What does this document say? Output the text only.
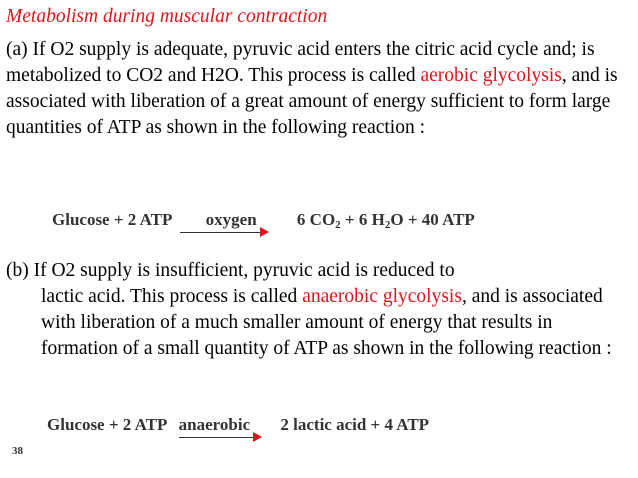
Metabolism during muscular contraction

(a) If O2 supply is adequate, pyruvic acid enters the citric acid cycle and; is metabolized to CO2 and H2O. This process is called aerobic glycolysis, and is associated with liberation of a great amount of energy sufficient to form large quantities of ATP as shown in the following reaction :

Glucose + 2 ATP oxygen 6 $CO_2 + 6$ $H_2O + 40$ ATP

(b) If O2 supply is insufficient, pyruvic acid is reduced to
lactic acid. This process is called anaerobic glycolysis, and is associated with liberation of a much smaller amount of energy that results in formation of a small quantity of ATP as shown in the following reaction :

Glucose + 2 ATP anaerobic 2 lactic acid + 4 ATP
38
